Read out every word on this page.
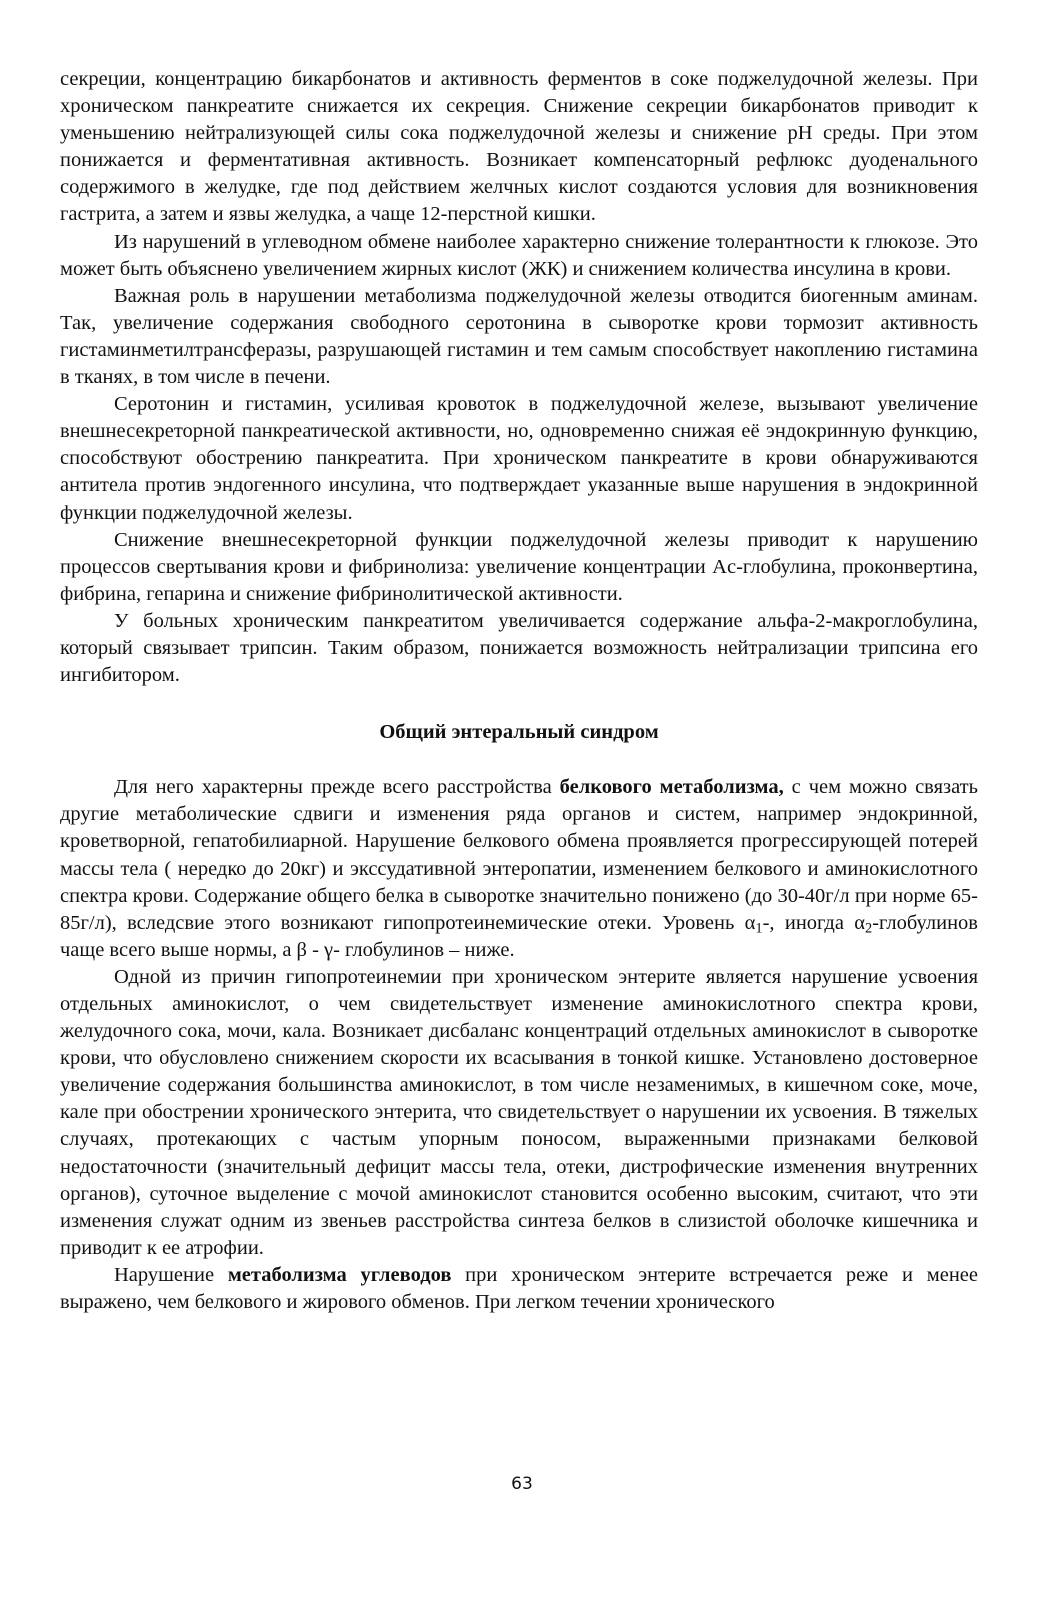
секреции, концентрацию бикарбонатов и активность ферментов в соке поджелудочной железы. При хроническом панкреатите снижается их секреция. Снижение секреции бикарбонатов приводит к уменьшению нейтрализующей силы сока поджелудочной железы и снижение pH среды. При этом понижается и ферментативная активность. Возникает компенсаторный рефлюкс дуоденального содержимого в желудке, где под действием желчных кислот создаются условия для возникновения гастрита, а затем и язвы желудка, а чаще 12-перстной кишки.

Из нарушений в углеводном обмене наиболее характерно снижение толерантности к глюкозе. Это может быть объяснено увеличением жирных кислот (ЖК) и снижением количества инсулина в крови.

Важная роль в нарушении метаболизма поджелудочной железы отводится биогенным аминам. Так, увеличение содержания свободного серотонина в сыворотке крови тормозит активность гистаминметилтрансферазы, разрушающей гистамин и тем самым способствует накоплению гистамина в тканях, в том числе в печени.

Серотонин и гистамин, усиливая кровоток в поджелудочной железе, вызывают увеличение внешнесекреторной панкреатической активности, но, одновременно снижая её эндокринную функцию, способствуют обострению панкреатита. При хроническом панкреатите в крови обнаруживаются антитела против эндогенного инсулина, что подтверждает указанные выше нарушения в эндокринной функции поджелудочной железы.

Снижение внешнесекреторной функции поджелудочной железы приводит к нарушению процессов свертывания крови и фибринолиза: увеличение концентрации Ac-глобулина, проконвертина, фибрина, гепарина и снижение фибринолитической активности.

У больных хроническим панкреатитом увеличивается содержание альфа-2-макроглобулина, который связывает трипсин. Таким образом, понижается возможность нейтрализации трипсина его ингибитором.

Общий энтеральный синдром

Для него характерны прежде всего расстройства белкового метаболизма, с чем можно связать другие метаболические сдвиги и изменения ряда органов и систем, например эндокринной, кроветворной, гепатобилиарной. Нарушение белкового обмена проявляется прогрессирующей потерей массы тела ( нередко до 20кг) и экссудативной энтеропатии, изменением белкового и аминокислотного спектра крови. Содержание общего белка в сыворотке значительно понижено (до 30-40г/л при норме 65-85г/л), вследсвие этого возникают гипопротеинемические отеки. Уровень $\alpha_1-$, иногда $\alpha_2$-глобулинов чаще всего выше нормы, а β - γ- глобулинов – ниже.

Одной из причин гипопротеинемии при хроническом энтерите является нарушение усвоения отдельных аминокислот, о чем свидетельствует изменение аминокислотного спектра крови, желудочного сока, мочи, кала. Возникает дисбаланс концентраций отдельных аминокислот в сыворотке крови, что обусловлено снижением скорости их всасывания в тонкой кишке. Установлено достоверное увеличение содержания большинства аминокислот, в том числе незаменимых, в кишечном соке, моче, кале при обострении хронического энтерита, что свидетельствует о нарушении их усвоения. В тяжелых случаях, протекающих с частым упорным поносом, выраженными признаками белковой недостаточности (значительный дефицит массы тела, отеки, дистрофические изменения внутренних органов), суточное выделение с мочой аминокислот становится особенно высоким, считают, что эти изменения служат одним из звеньев расстройства синтеза белков в слизистой оболочке кишечника и приводит к ее атрофии.

Нарушение метаболизма углеводов при хроническом энтерите встречается реже и менее выражено, чем белкового и жирового обменов. При легком течении хронического

63
